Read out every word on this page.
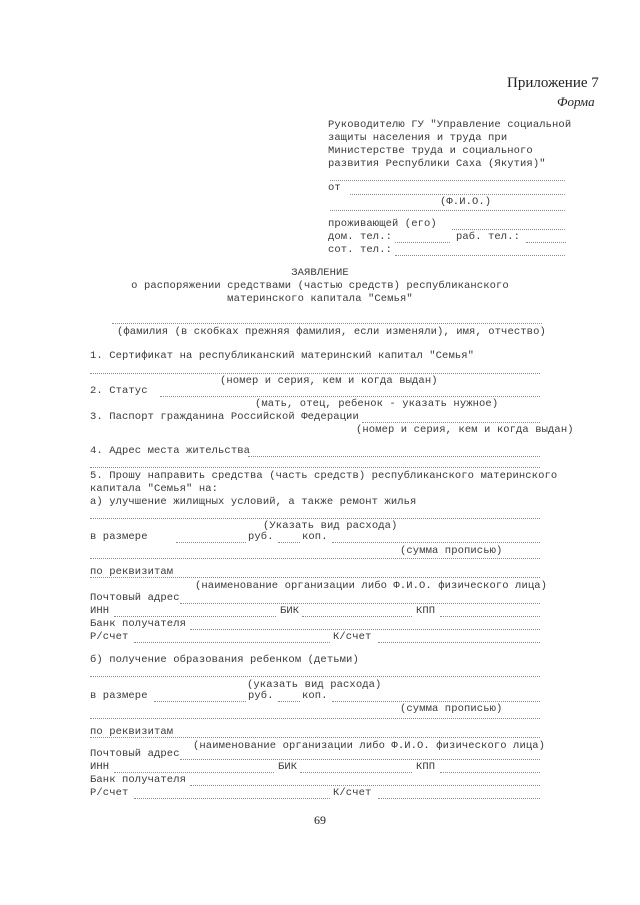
Приложение 7
Форма
Руководителю ГУ "Управление социальной
защиты населения и труда при
Министерстве труда и социального
развития Республики Саха (Якутия)"
от
(Ф.И.О.)
проживающей (его)
дом. тел.:	раб. тел.:
сот. тел.:
ЗАЯВЛЕНИЕ
о распоряжении средствами (частью средств) республиканского
материнского капитала "Семья"
(фамилия (в скобках прежняя фамилия, если изменяли), имя, отчество)
1. Сертификат на республиканский материнский капитал "Семья"
(номер и серия, кем и когда выдан)
2. Статус
(мать, отец, ребенок - указать нужное)
3. Паспорт гражданина Российской Федерации
(номер и серия, кем и когда выдан)
4. Адрес места жительства
5. Прошу направить средства (часть средств) республиканского материнского
капитала "Семья" на:
а) улучшение жилищных условий, а также ремонт жилья
(Указать вид расхода)
в размере	руб.	коп.
(сумма прописью)
по реквизитам
(наименование организации либо Ф.И.О. физического лица)
Почтовый адрес
ИНН	БИК	КПП
Банк получателя
Р/счет	К/счет
б) получение образования ребенком (детьми)
(указать вид расхода)
в размере	руб.	коп.
(сумма прописью)
по реквизитам
(наименование организации либо Ф.И.О. физического лица)
Почтовый адрес
ИНН	БИК	КПП
Банк получателя
Р/счет	К/счет
69
